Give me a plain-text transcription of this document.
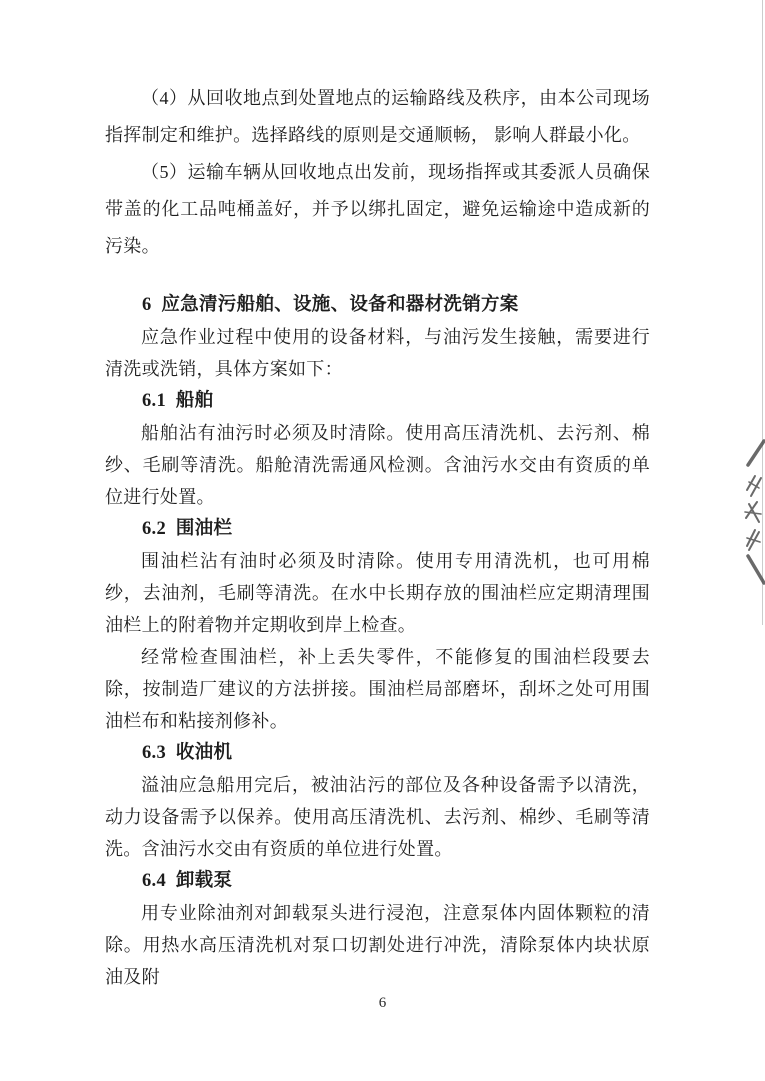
（4）从回收地点到处置地点的运输路线及秩序，由本公司现场指挥制定和维护。选择路线的原则是交通顺畅， 影响人群最小化。

（5）运输车辆从回收地点出发前，现场指挥或其委派人员确保带盖的化工品吨桶盖好，并予以绑扎固定，避免运输途中造成新的污染。

6  应急清污船舶、设施、设备和器材洗销方案

应急作业过程中使用的设备材料，与油污发生接触，需要进行清洗或洗销，具体方案如下：

6.1  船舶

船舶沾有油污时必须及时清除。使用高压清洗机、去污剂、棉纱、毛刷等清洗。船舱清洗需通风检测。含油污水交由有资质的单位进行处置。

6.2  围油栏

围油栏沾有油时必须及时清除。使用专用清洗机，也可用棉纱，去油剂，毛刷等清洗。在水中长期存放的围油栏应定期清理围油栏上的附着物并定期收到岸上检查。

经常检查围油栏，补上丢失零件，不能修复的围油栏段要去除，按制造厂建议的方法拼接。围油栏局部磨坏，刮坏之处可用围油栏布和粘接剂修补。

6.3  收油机

溢油应急船用完后，被油沾污的部位及各种设备需予以清洗，动力设备需予以保养。使用高压清洗机、去污剂、棉纱、毛刷等清洗。含油污水交由有资质的单位进行处置。

6.4  卸载泵

用专业除油剂对卸载泵头进行浸泡，注意泵体内固体颗粒的清除。用热水高压清洗机对泵口切割处进行冲洗，清除泵体内块状原油及附

6
